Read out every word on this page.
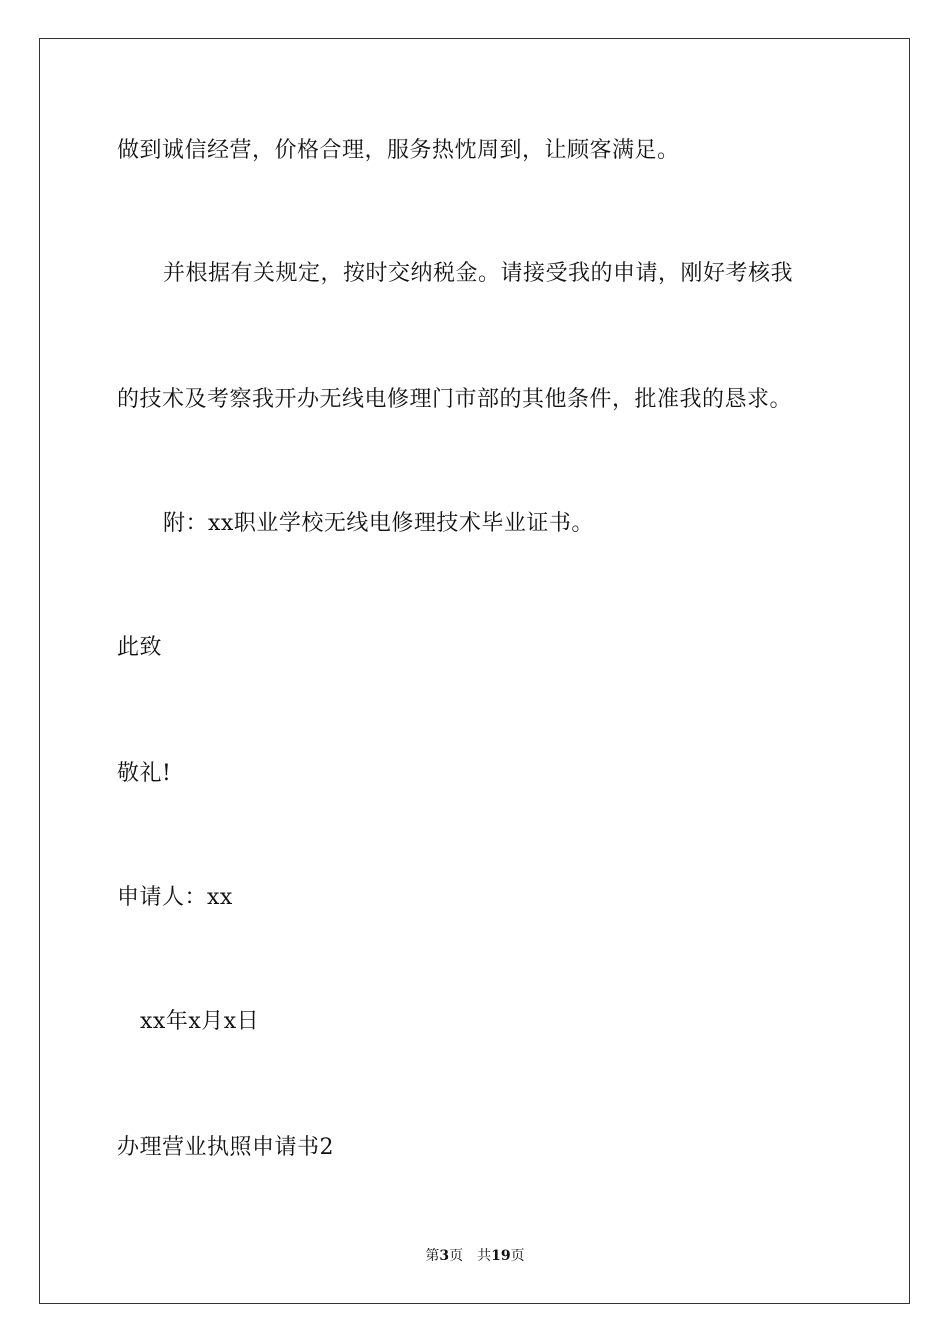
做到诚信经营，价格合理，服务热忱周到，让顾客满足。
并根据有关规定，按时交纳税金。请接受我的申请，刚好考核我
的技术及考察我开办无线电修理门市部的其他条件，批准我的恳求。
附：xx职业学校无线电修理技术毕业证书。
此致
敬礼!
申请人：xx
xx年x月x日
办理营业执照申请书2
第3页 共19页
